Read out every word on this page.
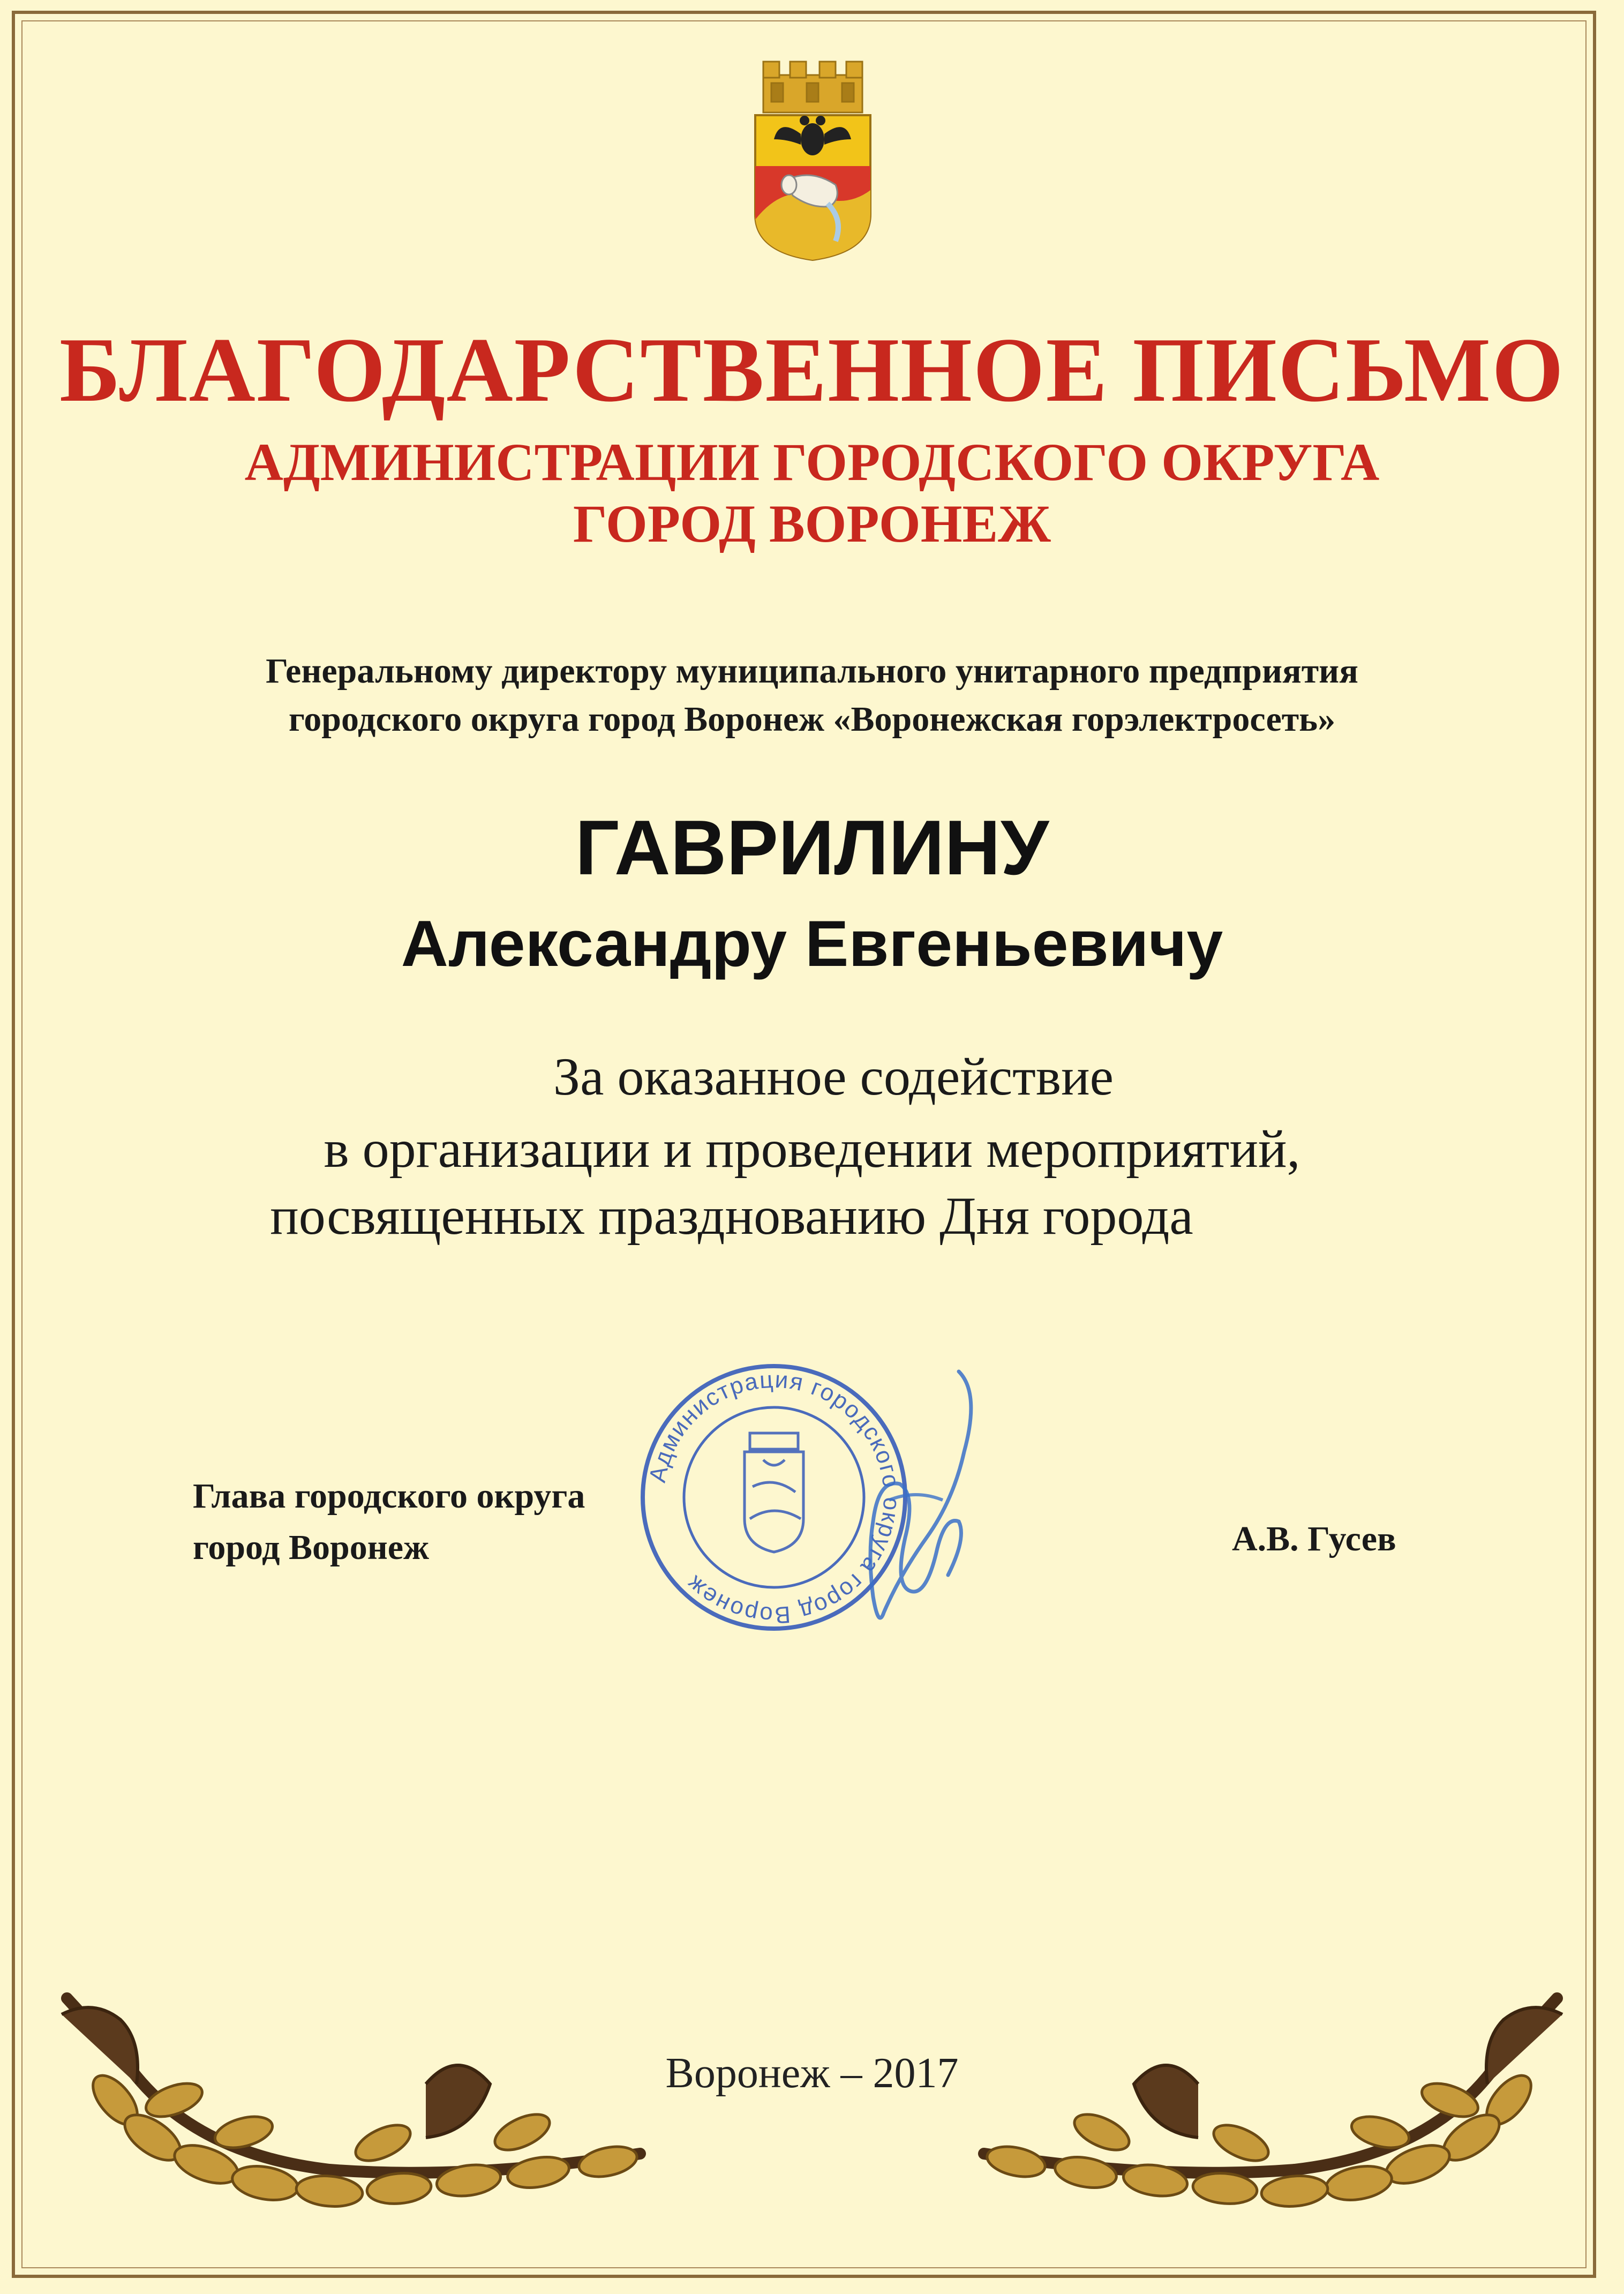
БЛАГОДАРСТВЕННОЕ ПИСЬМО
АДМИНИСТРАЦИИ ГОРОДСКОГО ОКРУГА
ГОРОД ВОРОНЕЖ
Генеральному директору муниципального унитарного предприятия
городского округа город Воронеж «Воронежская горэлектросеть»
ГАВРИЛИНУ
Александру Евгеньевичу
За оказанное содействие
в организации и проведении мероприятий,
посвященных празднованию Дня города
Глава городского округа
город Воронеж
Администрация городского округа город Воронеж
А.В. Гусев
Воронеж – 2017
